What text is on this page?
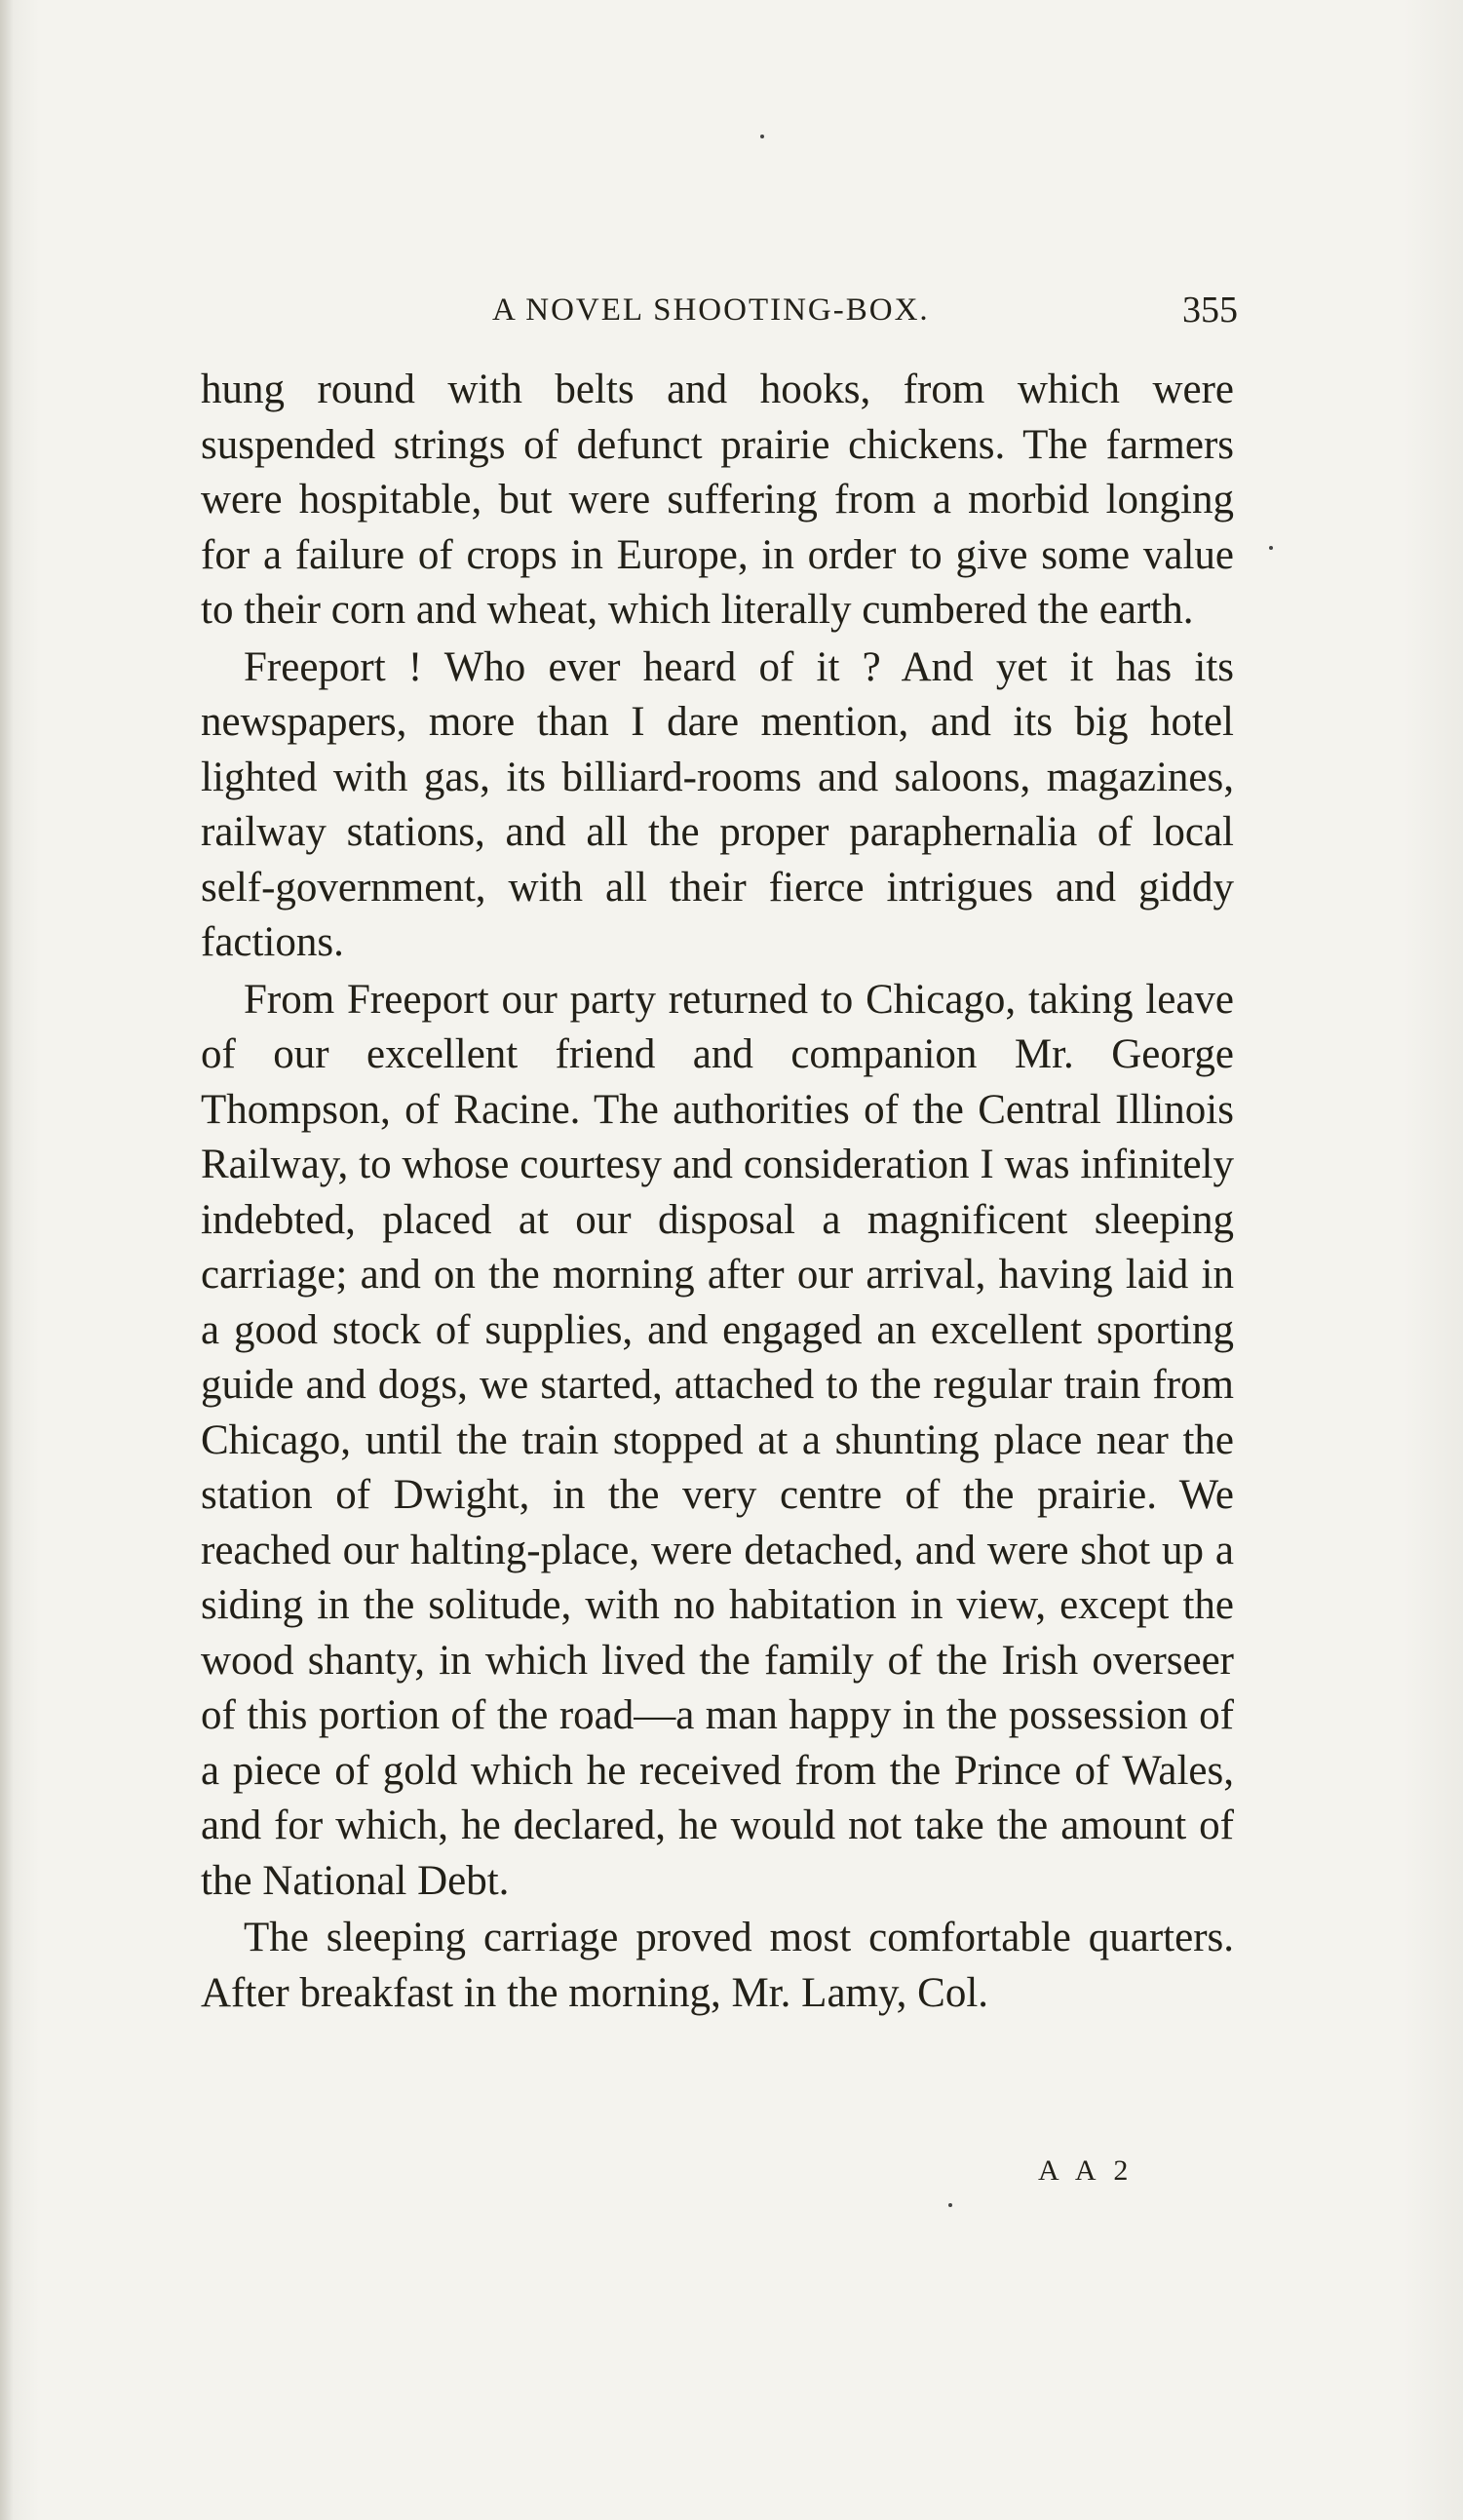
A NOVEL SHOOTING-BOX.	355

hung round with belts and hooks, from which were suspended strings of defunct prairie chickens. The farmers were hospitable, but were suffering from a morbid longing for a failure of crops in Europe, in order to give some value to their corn and wheat, which literally cumbered the earth.

Freeport ! Who ever heard of it ? And yet it has its newspapers, more than I dare mention, and its big hotel lighted with gas, its billiard-rooms and saloons, magazines, railway stations, and all the proper paraphernalia of local self-government, with all their fierce intrigues and giddy factions.

From Freeport our party returned to Chicago, taking leave of our excellent friend and companion Mr. George Thompson, of Racine. The authorities of the Central Illinois Railway, to whose courtesy and consideration I was infinitely indebted, placed at our disposal a magnificent sleeping carriage; and on the morning after our arrival, having laid in a good stock of supplies, and engaged an excellent sporting guide and dogs, we started, attached to the regular train from Chicago, until the train stopped at a shunting place near the station of Dwight, in the very centre of the prairie. We reached our halting-place, were detached, and were shot up a siding in the solitude, with no habitation in view, except the wood shanty, in which lived the family of the Irish overseer of this portion of the road—a man happy in the possession of a piece of gold which he received from the Prince of Wales, and for which, he declared, he would not take the amount of the National Debt.

The sleeping carriage proved most comfortable quarters. After breakfast in the morning, Mr. Lamy, Col.

A A 2
